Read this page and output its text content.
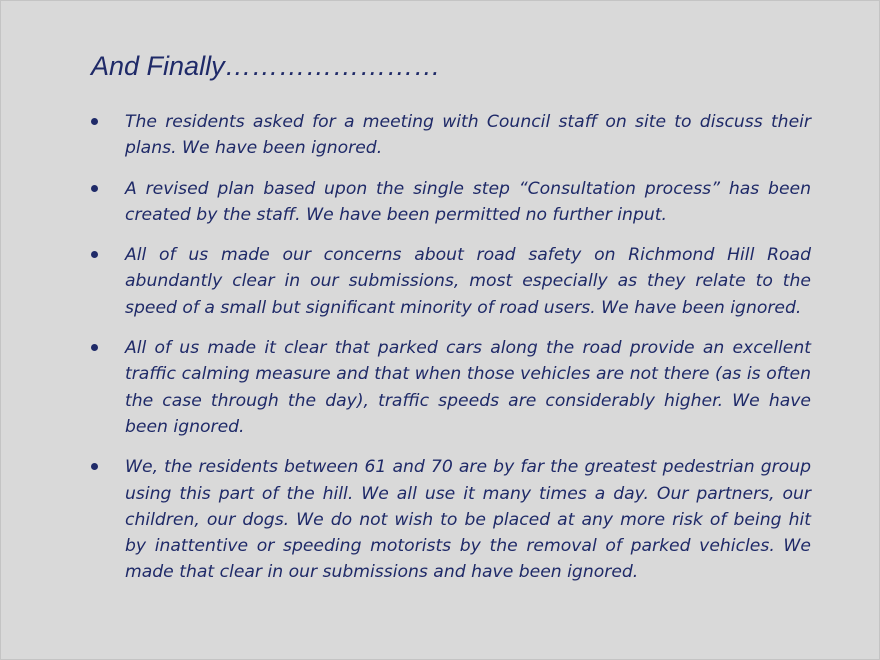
And Finally……………………
The residents asked for a meeting with Council staff on site to discuss their plans. We have been ignored.
A revised plan based upon the single step “Consultation process” has been created by the staff. We have been permitted no further input.
All of us made our concerns about road safety on Richmond Hill Road abundantly clear in our submissions, most especially as they relate to the speed of a small but significant minority of road users. We have been ignored.
All of us made it clear that parked cars along the road provide an excellent traffic calming measure and that when those vehicles are not there (as is often the case through the day), traffic speeds are considerably higher. We have been ignored.
We, the residents between 61 and 70 are by far the greatest pedestrian group using this part of the hill. We all use it many times a day. Our partners, our children, our dogs. We do not wish to be placed at any more risk of being hit by inattentive or speeding motorists by the removal of parked vehicles. We made that clear in our submissions and have been ignored.
